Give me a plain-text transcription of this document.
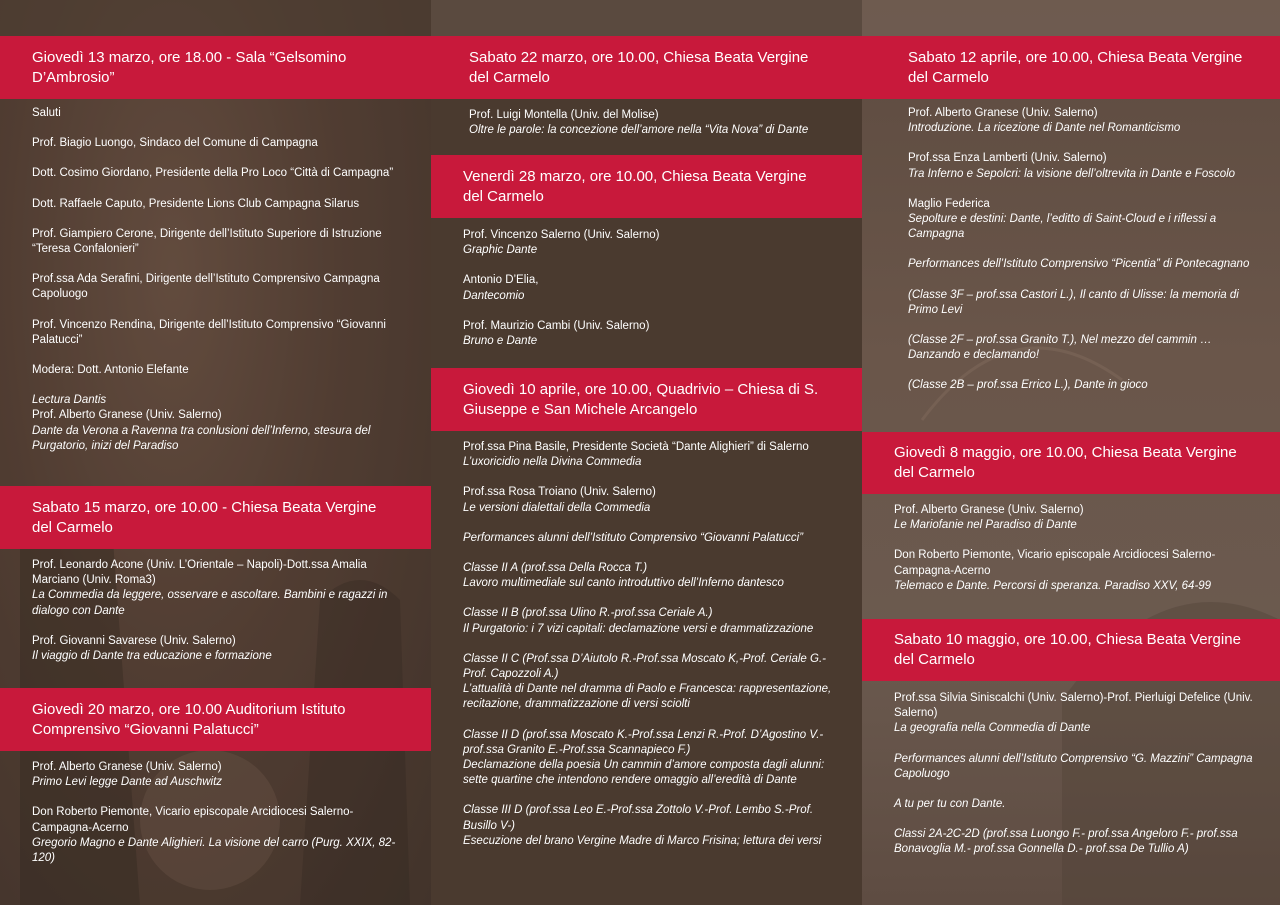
Giovedì 13 marzo, ore 18.00 - Sala “Gelsomino D’Ambrosio”

Saluti

Prof. Biagio Luongo, Sindaco del Comune di Campagna

Dott. Cosimo Giordano, Presidente della Pro Loco “Città di Campagna”

Dott. Raffaele Caputo, Presidente Lions Club Campagna Silarus

Prof. Giampiero Cerone, Dirigente dell’Istituto Superiore di Istruzione “Teresa Confalonieri”

Prof.ssa Ada Serafini, Dirigente dell’Istituto Comprensivo Campagna Capoluogo

Prof. Vincenzo Rendina, Dirigente dell’Istituto Comprensivo “Giovanni Palatucci”

Modera: Dott. Antonio Elefante

Lectura Dantis

Prof. Alberto Granese (Univ. Salerno)

Dante da Verona a Ravenna tra conlusioni dell’Inferno, stesura del Purgatorio, inizi del Paradiso

Sabato 15 marzo, ore 10.00 - Chiesa Beata Vergine del Carmelo

Prof. Leonardo Acone (Univ. L’Orientale – Napoli)-Dott.ssa Amalia Marciano (Univ. Roma3)

La Commedia da leggere, osservare e ascoltare. Bambini e ragazzi in dialogo con Dante

Prof. Giovanni Savarese (Univ. Salerno)

Il viaggio di Dante tra educazione e formazione

Giovedì 20 marzo, ore 10.00 Auditorium Istituto Comprensivo “Giovanni Palatucci”

Prof. Alberto Granese (Univ. Salerno)

Primo Levi legge Dante ad Auschwitz

Don Roberto Piemonte, Vicario episcopale Arcidiocesi Salerno-Campagna-Acerno

Gregorio Magno e Dante Alighieri. La visione del carro (Purg. XXIX, 82-120)

Sabato 22 marzo, ore 10.00, Chiesa Beata Vergine del Carmelo

Prof. Luigi Montella (Univ. del Molise)

Oltre le parole: la concezione dell’amore nella “Vita Nova” di Dante

Venerdì 28 marzo, ore 10.00, Chiesa Beata Vergine del Carmelo

Prof. Vincenzo Salerno (Univ. Salerno)

Graphic Dante

Antonio D’Elia,

Dantecomio

Prof. Maurizio Cambi (Univ. Salerno)

Bruno e Dante

Giovedì 10 aprile, ore 10.00, Quadrivio – Chiesa di S. Giuseppe e San Michele Arcangelo

Prof.ssa Pina Basile, Presidente Società “Dante Alighieri” di Salerno

L’uxoricidio nella Divina Commedia

Prof.ssa Rosa Troiano (Univ. Salerno)

Le versioni dialettali della Commedia

Performances alunni dell’Istituto Comprensivo “Giovanni Palatucci”

Classe II A (prof.ssa Della Rocca T.)

Lavoro multimediale sul canto introduttivo dell’Inferno dantesco

Classe II B (prof.ssa Ulino R.-prof.ssa Ceriale A.)

Il Purgatorio: i 7 vizi capitali: declamazione versi e drammatizzazione

Classe II C (Prof.ssa D’Aiutolo R.-Prof.ssa Moscato K,-Prof. Ceriale G.-Prof. Capozzoli A.)

L’attualità di Dante nel dramma di Paolo e Francesca: rappresentazione, recitazione, drammatizzazione di versi sciolti

Classe II D (prof.ssa Moscato K.-Prof.ssa Lenzi R.-Prof. D’Agostino V.-prof.ssa Granito E.-Prof.ssa Scannapieco F.)

Declamazione della poesia Un cammin d’amore composta dagli alunni: sette quartine che intendono rendere omaggio all’eredità di Dante

Classe III D (prof.ssa Leo E.-Prof.ssa Zottolo V.-Prof. Lembo S.-Prof. Busillo V-)

Esecuzione del brano Vergine Madre di Marco Frisina; lettura dei versi

Sabato 12 aprile, ore 10.00, Chiesa Beata Vergine del Carmelo

Prof. Alberto Granese (Univ. Salerno)

Introduzione. La ricezione di Dante nel Romanticismo

Prof.ssa Enza Lamberti (Univ. Salerno)

Tra Inferno e Sepolcri: la visione dell’oltrevita in Dante e Foscolo

Maglio Federica

Sepolture e destini: Dante, l’editto di Saint-Cloud e i riflessi a Campagna

Performances dell’Istituto Comprensivo “Picentia” di Pontecagnano

(Classe 3F – prof.ssa Castori L.), Il canto di Ulisse: la memoria di Primo Levi

(Classe 2F – prof.ssa Granito T.), Nel mezzo del cammin … Danzando e declamando!

(Classe 2B – prof.ssa Errico L.), Dante in gioco

Giovedì 8 maggio, ore 10.00, Chiesa Beata Vergine del Carmelo

Prof. Alberto Granese (Univ. Salerno)

Le Mariofanie nel Paradiso di Dante

Don Roberto Piemonte, Vicario episcopale Arcidiocesi Salerno-Campagna-Acerno

Telemaco e Dante. Percorsi di speranza. Paradiso XXV, 64-99

Sabato 10 maggio, ore 10.00, Chiesa Beata Vergine del Carmelo

Prof.ssa Silvia Siniscalchi (Univ. Salerno)-Prof. Pierluigi Defelice (Univ. Salerno)

La geografia nella Commedia di Dante

Performances alunni dell’Istituto Comprensivo “G. Mazzini” Campagna Capoluogo

A tu per tu con Dante.

Classi 2A-2C-2D (prof.ssa Luongo F.- prof.ssa Angeloro F.- prof.ssa Bonavoglia M.- prof.ssa Gonnella D.- prof.ssa De Tullio A)
